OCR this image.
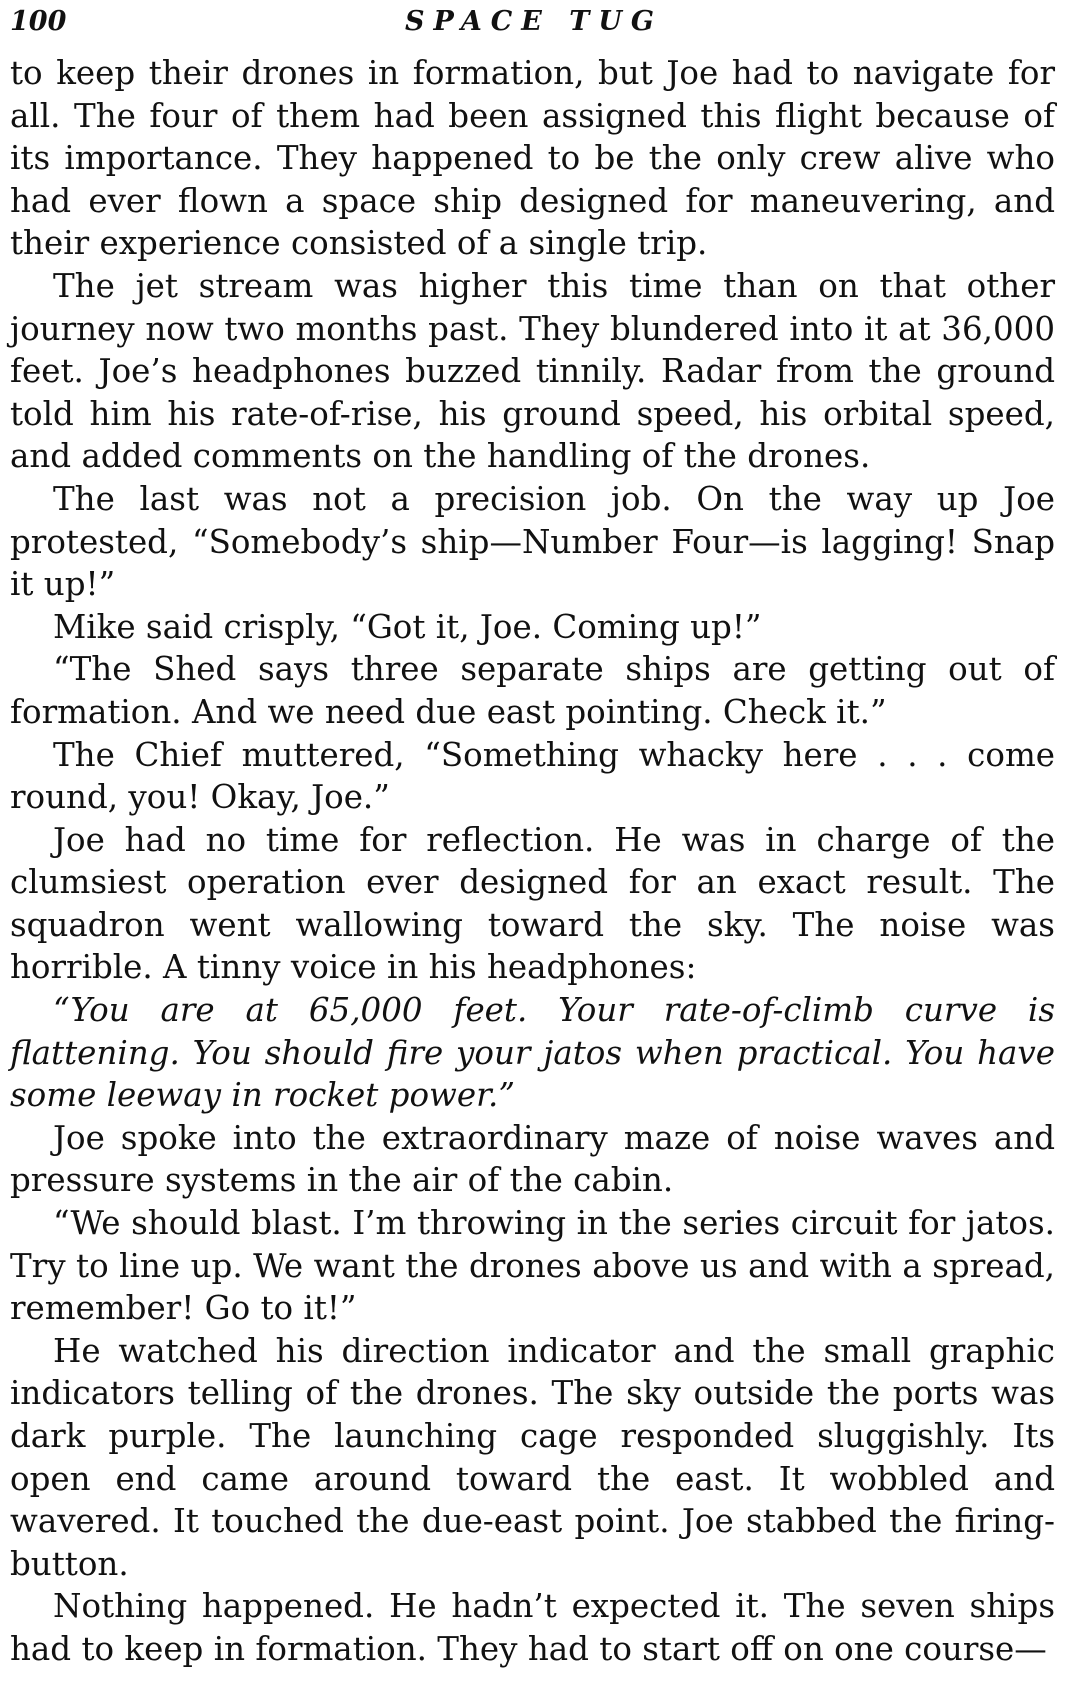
100	SPACE TUG

to keep their drones in formation, but Joe had to navigate for all. The four of them had been assigned this flight because of its importance. They happened to be the only crew alive who had ever flown a space ship designed for maneuvering, and their experience consisted of a single trip.

The jet stream was higher this time than on that other journey now two months past. They blundered into it at 36,000 feet. Joe’s headphones buzzed tinnily. Radar from the ground told him his rate-of-rise, his ground speed, his orbital speed, and added comments on the handling of the drones.

The last was not a precision job. On the way up Joe protested, “Somebody’s ship—Number Four—is lagging! Snap it up!”

Mike said crisply, “Got it, Joe. Coming up!”

“The Shed says three separate ships are getting out of formation. And we need due east pointing. Check it.”

The Chief muttered, “Something whacky here . . . come round, you! Okay, Joe.”

Joe had no time for reflection. He was in charge of the clumsiest operation ever designed for an exact result. The squadron went wallowing toward the sky. The noise was horrible. A tinny voice in his headphones:

“You are at 65,000 feet. Your rate-of-climb curve is flattening. You should fire your jatos when practical. You have some leeway in rocket power.”

Joe spoke into the extraordinary maze of noise waves and pressure systems in the air of the cabin.

“We should blast. I’m throwing in the series circuit for jatos. Try to line up. We want the drones above us and with a spread, remember! Go to it!”

He watched his direction indicator and the small graphic indicators telling of the drones. The sky outside the ports was dark purple. The launching cage responded sluggishly. Its open end came around toward the east. It wobbled and wavered. It touched the due-east point. Joe stabbed the firing-button.

Nothing happened. He hadn’t expected it. The seven ships had to keep in formation. They had to start off on one course—
